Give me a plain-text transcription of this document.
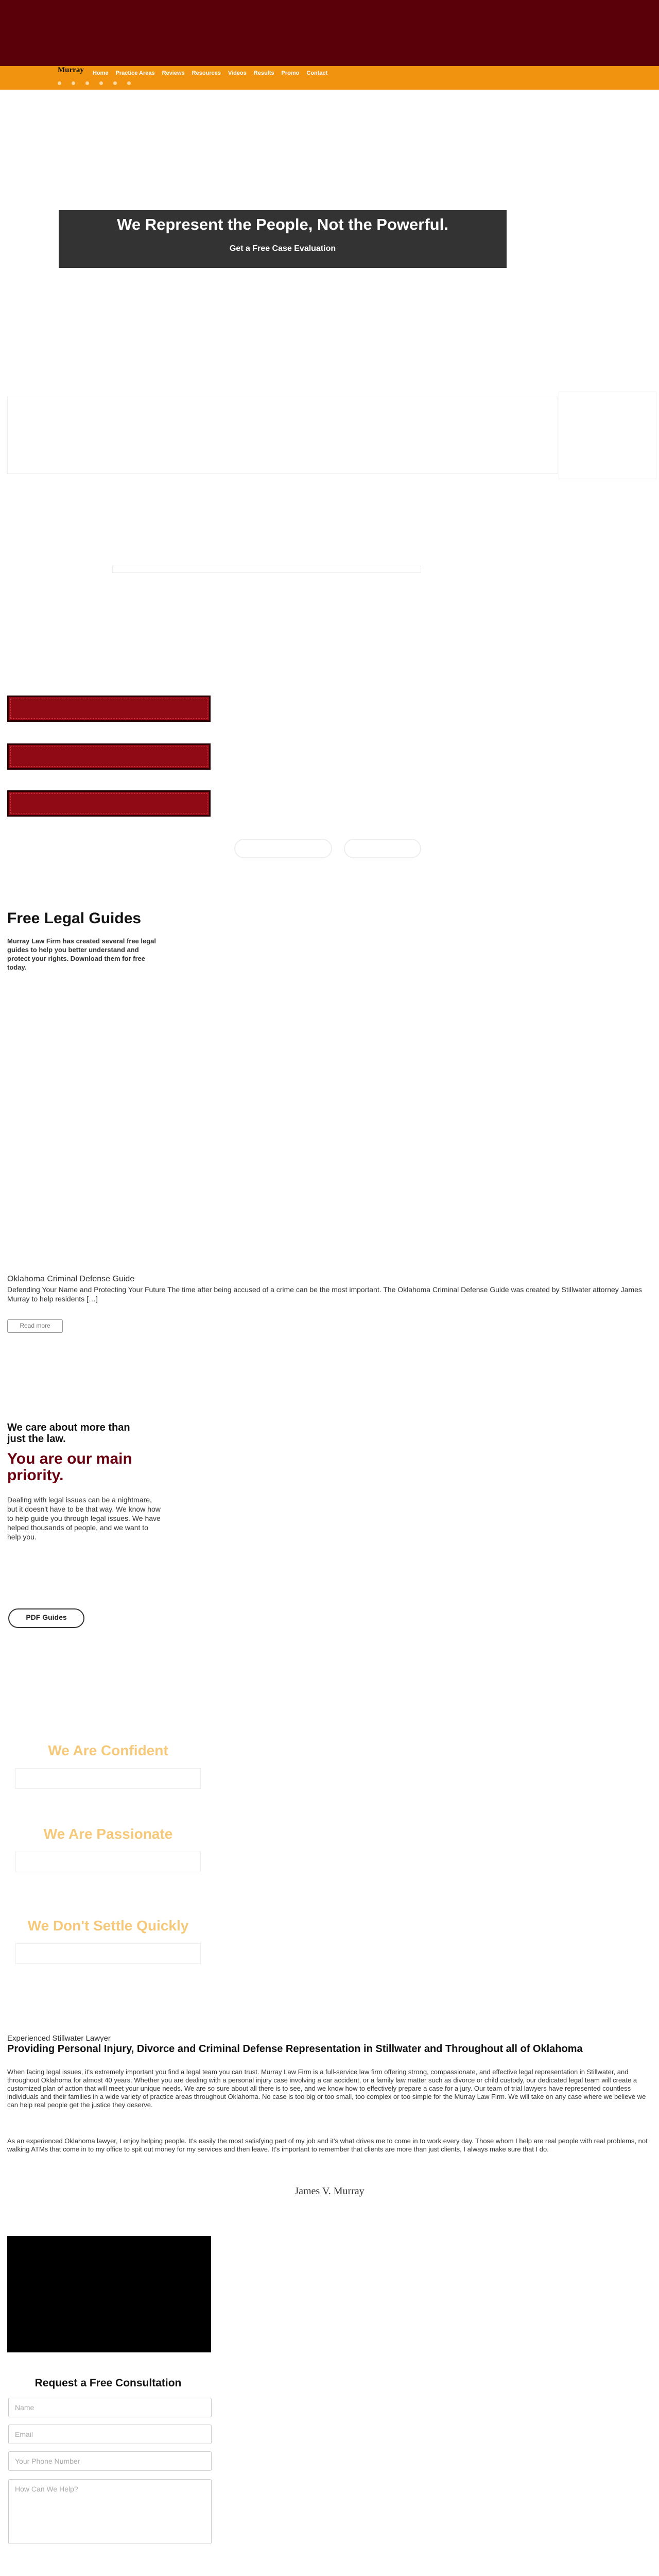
Home Practice Areas Reviews Resources Videos Results Promo Contact
Murray
We Represent the People, Not the Powerful.
Get a Free Case Evaluation
Free Legal Guides
Murray Law Firm has created several free legal guides to help you better understand and protect your rights. Download them for free today.
Oklahoma Criminal Defense Guide
Defending Your Name and Protecting Your Future The time after being accused of a crime can be the most important. The Oklahoma Criminal Defense Guide was created by Stillwater attorney James Murray to help residents […]
Read more
We care about more than just the law.
You are our main priority.
Dealing with legal issues can be a nightmare, but it doesn't have to be that way. We know how to help guide you through legal issues. We have helped thousands of people, and we want to help you.
PDF Guides
We Are Confident
We Are Passionate
We Don't Settle Quickly
Experienced Stillwater Lawyer
Providing Personal Injury, Divorce and Criminal Defense Representation in Stillwater and Throughout all of Oklahoma
When facing legal issues, it's extremely important you find a legal team you can trust. Murray Law Firm is a full-service law firm offering strong, compassionate, and effective legal representation in Stillwater, and throughout Oklahoma for almost 40 years. Whether you are dealing with a personal injury case involving a car accident, or a family law matter such as divorce or child custody, our dedicated legal team will create a customized plan of action that will meet your unique needs. We are so sure about all there is to see, and we know how to effectively prepare a case for a jury. Our team of trial lawyers have represented countless individuals and their families in a wide variety of practice areas throughout Oklahoma. No case is too big or too small, too complex or too simple for the Murray Law Firm. We will take on any case where we believe we can help real people get the justice they deserve.
As an experienced Oklahoma lawyer, I enjoy helping people. It's easily the most satisfying part of my job and it's what drives me to come in to work every day. Those whom I help are real people with real problems, not walking ATMs that come in to my office to spit out money for my services and then leave. It's important to remember that clients are more than just clients, I always make sure that I do.
James V. Murray
Request a Free Consultation
Name
Email
Your Phone Number
How Can We Help?
